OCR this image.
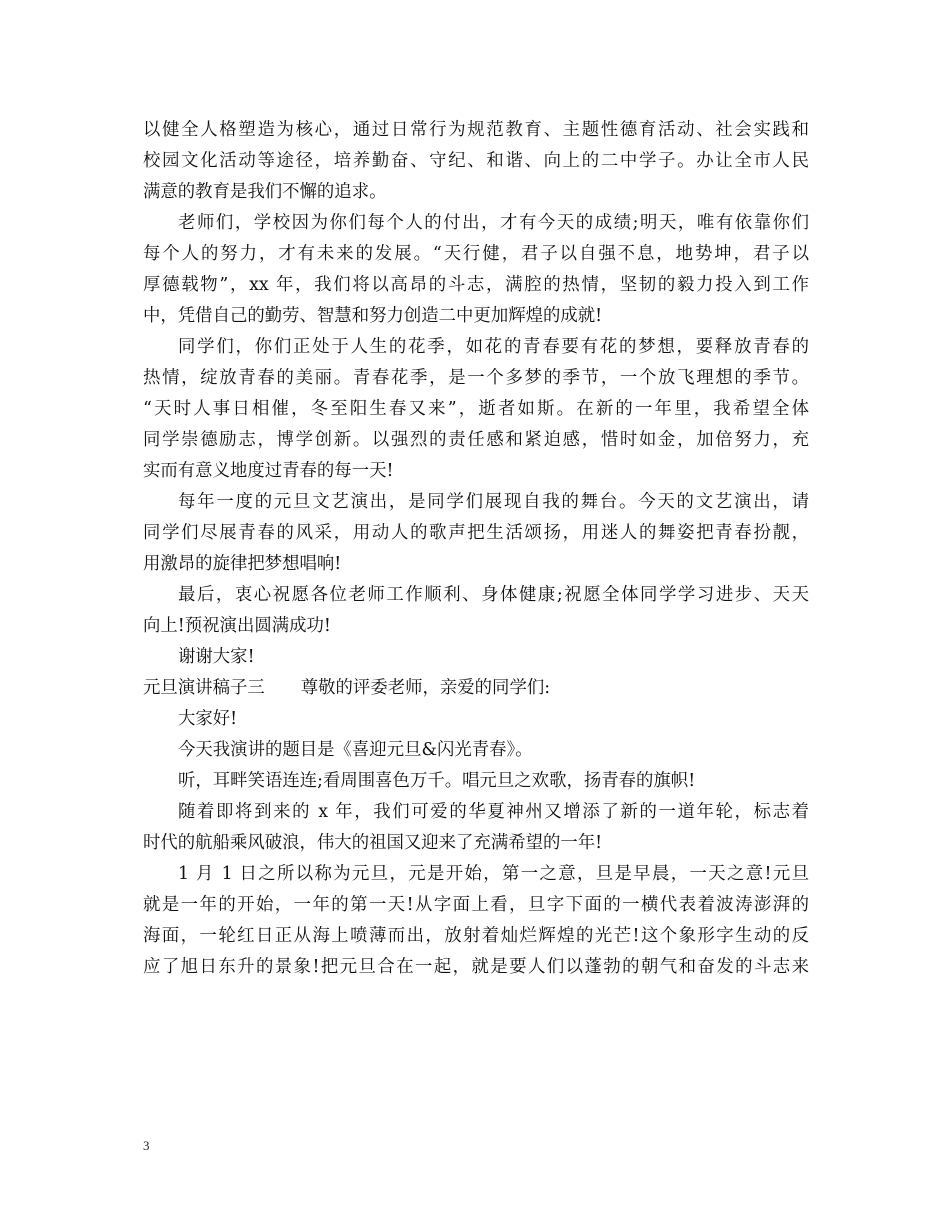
以健全人格塑造为核心，通过日常行为规范教育、主题性德育活动、社会实践和
校园文化活动等途径，培养勤奋、守纪、和谐、向上的二中学子。办让全市人民
满意的教育是我们不懈的追求。
老师们，学校因为你们每个人的付出，才有今天的成绩;明天，唯有依靠你们
每个人的努力，才有未来的发展。“天行健，君子以自强不息，地势坤，君子以
厚德载物”，xx 年，我们将以高昂的斗志，满腔的热情，坚韧的毅力投入到工作
中，凭借自己的勤劳、智慧和努力创造二中更加辉煌的成就!
同学们，你们正处于人生的花季，如花的青春要有花的梦想，要释放青春的
热情，绽放青春的美丽。青春花季，是一个多梦的季节，一个放飞理想的季节。
“天时人事日相催，冬至阳生春又来”，逝者如斯。在新的一年里，我希望全体
同学崇德励志，博学创新。以强烈的责任感和紧迫感，惜时如金，加倍努力，充
实而有意义地度过青春的每一天!
每年一度的元旦文艺演出，是同学们展现自我的舞台。今天的文艺演出，请
同学们尽展青春的风采，用动人的歌声把生活颂扬，用迷人的舞姿把青春扮靓，
用激昂的旋律把梦想唱响!
最后，衷心祝愿各位老师工作顺利、身体健康;祝愿全体同学学习进步、天天
向上!预祝演出圆满成功!
谢谢大家!
元旦演讲稿子三 尊敬的评委老师，亲爱的同学们:
大家好!
今天我演讲的题目是《喜迎元旦&闪光青春》。
听，耳畔笑语连连;看周围喜色万千。唱元旦之欢歌，扬青春的旗帜!
随着即将到来的 x 年，我们可爱的华夏神州又增添了新的一道年轮，标志着
时代的航船乘风破浪，伟大的祖国又迎来了充满希望的一年!
1 月 1 日之所以称为元旦，元是开始，第一之意，旦是早晨，一天之意!元旦
就是一年的开始，一年的第一天!从字面上看，旦字下面的一横代表着波涛澎湃的
海面，一轮红日正从海上喷薄而出，放射着灿烂辉煌的光芒!这个象形字生动的反
应了旭日东升的景象!把元旦合在一起，就是要人们以蓬勃的朝气和奋发的斗志来
3
